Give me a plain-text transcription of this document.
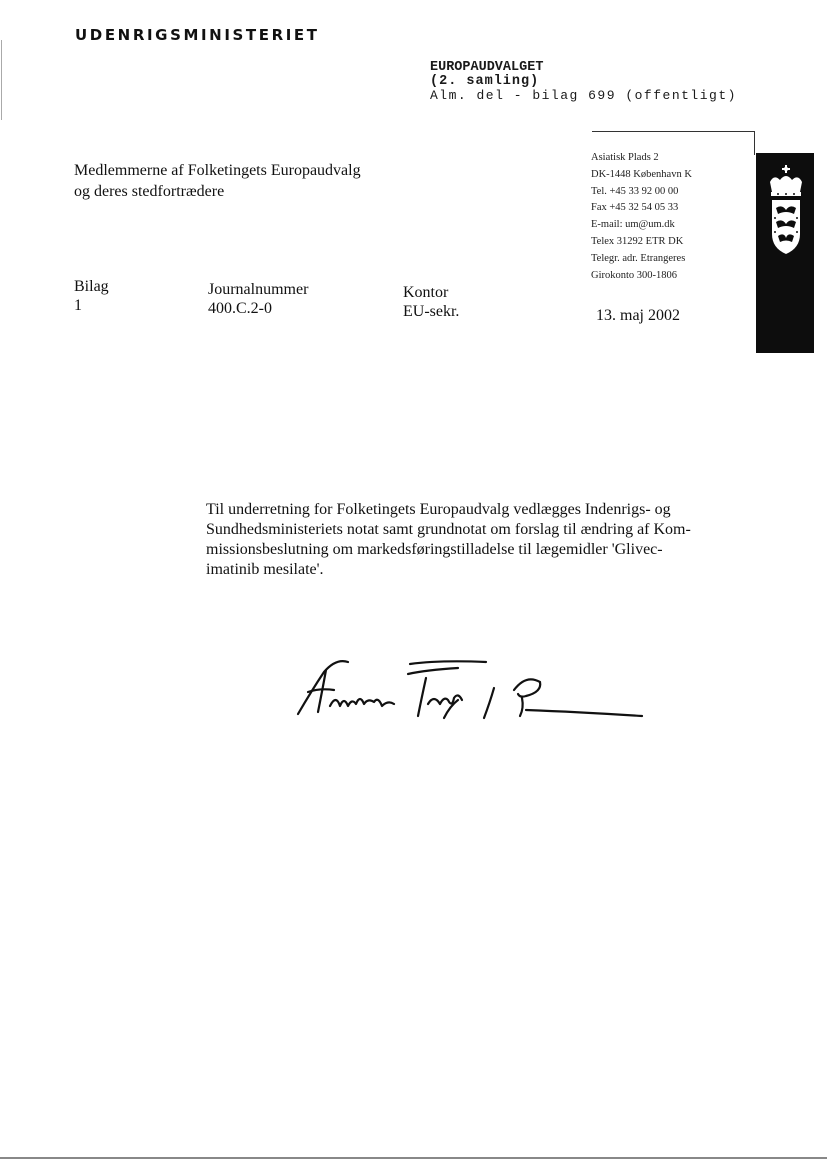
UDENRIGSMINISTERIET
EUROPAUDVALGET
(2. samling)
Alm. del - bilag 699 (offentligt)
Asiatisk Plads 2
DK-1448 København K
Tel. +45 33 92 00 00
Fax +45 32 54 05 33
E-mail: um@um.dk
Telex 31292 ETR DK
Telegr. adr. Etrangeres
Girokonto 300-1806
Medlemmerne af Folketingets Europaudvalg
og deres stedfortrædere
Bilag
1
Journalnummer
400.C.2-0
Kontor
EU-sekr.	13. maj 2002
Til underretning for Folketingets Europaudvalg vedlægges Indenrigs- og
Sundhedsministeriets notat samt grundnotat om forslag til ændring af Kom-
missionsbeslutning om markedsføringstilladelse til lægemidler 'Glivec-
imatinib mesilate'.
